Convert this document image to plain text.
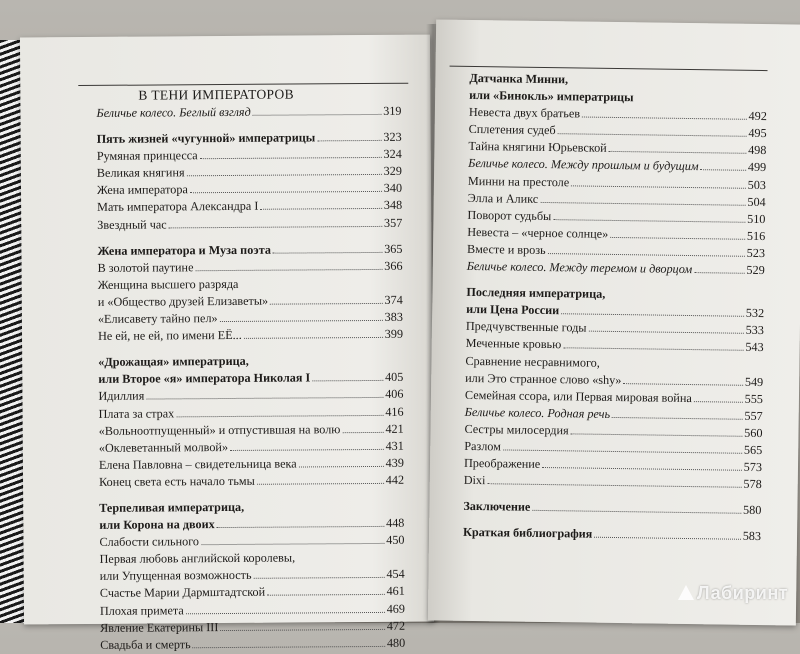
В ТЕНИ ИМПЕРАТОРОВ
Беличье колесо. Беглый взгляд	319
Пять жизней «чугунной» императрицы	323
Румяная принцесса	324
Великая княгиня	329
Жена императора	340
Мать императора Александра I	348
Звездный час	357
Жена императора и Муза поэта	365
В золотой паутине	366
Женщина высшего разряда
и «Общество друзей Елизаветы»	374
«Елисавету тайно пел»	383
Не ей, не ей, по имени ЕЁ...	399
«Дрожащая» императрица,
или Второе «я» императора Николая I	405
Идиллия	406
Плата за страх	416
«Вольноотпущенный» и отпустившая на волю	421
«Оклеветанный молвой»	431
Елена Павловна – свидетельница века	439
Конец света есть начало тьмы	442
Терпеливая императрица,
или Корона на двоих	448
Слабости сильного	450
Первая любовь английской королевы,
или Упущенная возможность	454
Счастье Марии Дармштадтской	461
Плохая примета	469
Явление Екатерины III	472
Свадьба и смерть	480
Датчанка Минни,
или «Бинокль» императрицы
Невеста двух братьев	492
Сплетения судеб	495
Тайна княгини Юрьевской	498
Беличье колесо. Между прошлым и будущим	499
Минни на престоле	503
Элла и Аликс	504
Поворот судьбы	510
Невеста – «черное солнце»	516
Вместе и врозь	523
Беличье колесо. Между теремом и дворцом	529
Последняя императрица,
или Цена России	532
Предчувственные годы	533
Меченные кровью	543
Сравнение несравнимого,
или Это странное слово «shy»	549
Семейная ссора, или Первая мировая война	555
Беличье колесо. Родная речь	557
Сестры милосердия	560
Разлом	565
Преображение	573
Dixi	578
Заключение	580
Краткая библиография	583
Лабиринт
